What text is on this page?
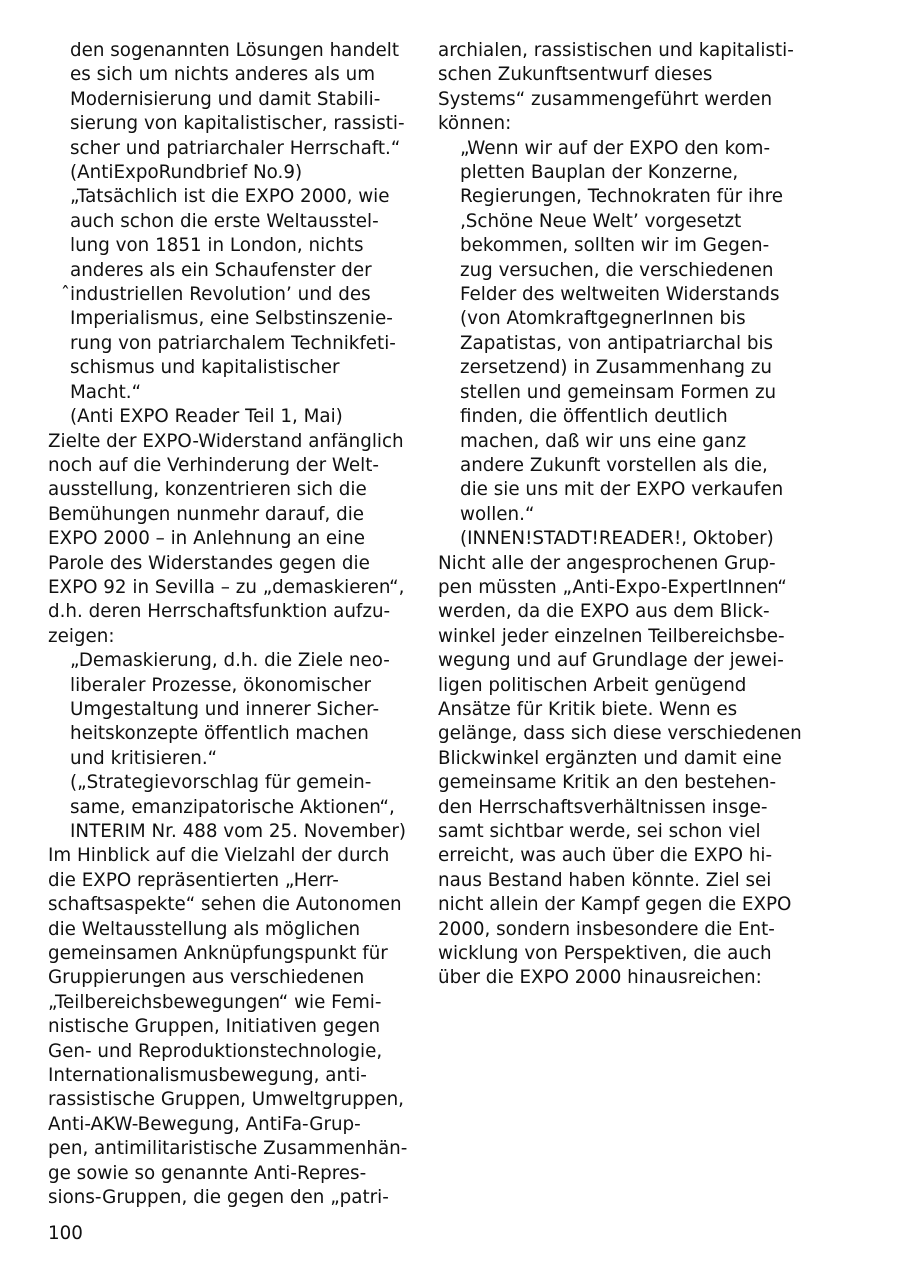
den sogenannten Lösungen handelt
es sich um nichts anderes als um
Modernisierung und damit Stabili-
sierung von kapitalistischer, rassisti-
scher und patriarchaler Herrschaft.“
(AntiExpoRundbrief No.9)
„Tatsächlich ist die EXPO 2000, wie
auch schon die erste Weltausstel-
lung von 1851 in London, nichts
anderes als ein Schaufenster der
̂industriellen Revolution’ und des
Imperialismus, eine Selbstinszenie-
rung von patriarchalem Technikfeti-
schismus und kapitalistischer
Macht.“
(Anti EXPO Reader Teil 1, Mai)
Zielte der EXPO-Widerstand anfänglich
noch auf die Verhinderung der Welt-
ausstellung, konzentrieren sich die
Bemühungen nunmehr darauf, die
EXPO 2000 – in Anlehnung an eine
Parole des Widerstandes gegen die
EXPO 92 in Sevilla – zu „demaskieren“,
d.h. deren Herrschaftsfunktion aufzu-
zeigen:
„Demaskierung, d.h. die Ziele neo-
liberaler Prozesse, ökonomischer
Umgestaltung und innerer Sicher-
heitskonzepte öffentlich machen
und kritisieren.“
(„Strategievorschlag für gemein-
same, emanzipatorische Aktionen“,
INTERIM Nr. 488 vom 25. November)
Im Hinblick auf die Vielzahl der durch
die EXPO repräsentierten „Herr-
schaftsaspekte“ sehen die Autonomen
die Weltausstellung als möglichen
gemeinsamen Anknüpfungspunkt für
Gruppierungen aus verschiedenen
„Teilbereichsbewegungen“ wie Femi-
nistische Gruppen, Initiativen gegen
Gen- und Reproduktionstechnologie,
Internationalismusbewegung, anti-
rassistische Gruppen, Umweltgruppen,
Anti-AKW-Bewegung, AntiFa-Grup-
pen, antimilitaristische Zusammenhän-
ge sowie so genannte Anti-Repres-
sions-Gruppen, die gegen den „patri-
archialen, rassistischen und kapitalisti-
schen Zukunftsentwurf dieses
Systems“ zusammengeführt werden
können:
„Wenn wir auf der EXPO den kom-
pletten Bauplan der Konzerne,
Regierungen, Technokraten für ihre
‚Schöne Neue Welt’ vorgesetzt
bekommen, sollten wir im Gegen-
zug versuchen, die verschiedenen
Felder des weltweiten Widerstands
(von AtomkraftgegnerInnen bis
Zapatistas, von antipatriarchal bis
zersetzend) in Zusammenhang zu
stellen und gemeinsam Formen zu
finden, die öffentlich deutlich
machen, daß wir uns eine ganz
andere Zukunft vorstellen als die,
die sie uns mit der EXPO verkaufen
wollen.“
(INNEN!STADT!READER!, Oktober)
Nicht alle der angesprochenen Grup-
pen müssten „Anti-Expo-ExpertInnen“
werden, da die EXPO aus dem Blick-
winkel jeder einzelnen Teilbereichsbe-
wegung und auf Grundlage der jewei-
ligen politischen Arbeit genügend
Ansätze für Kritik biete. Wenn es
gelänge, dass sich diese verschiedenen
Blickwinkel ergänzten und damit eine
gemeinsame Kritik an den bestehen-
den Herrschaftsverhältnissen insge-
samt sichtbar werde, sei schon viel
erreicht, was auch über die EXPO hi-
naus Bestand haben könnte. Ziel sei
nicht allein der Kampf gegen die EXPO
2000, sondern insbesondere die Ent-
wicklung von Perspektiven, die auch
über die EXPO 2000 hinausreichen:
100
